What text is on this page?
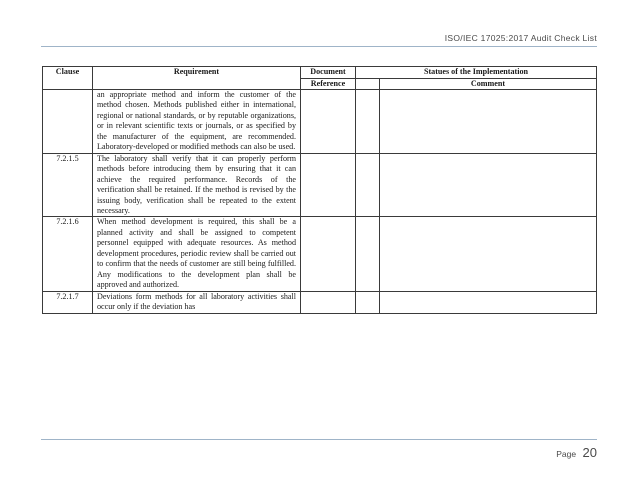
ISO/IEC 17025:2017 Audit Check List
Clause	Requirement	Document	Statues of the Implementation	
		Reference		Comment
	an appropriate method and inform the customer of the method chosen. Methods published either in international, regional or national standards, or by reputable organizations, or in relevant scientific texts or journals, or as specified by the manufacturer of the equipment, are recommended. Laboratory-developed or modified methods can also be used.			
7.2.1.5	The laboratory shall verify that it can properly perform methods before introducing them by ensuring that it can achieve the required performance. Records of the verification shall be retained. If the method is revised by the issuing body, verification shall be repeated to the extent necessary.			
7.2.1.6	When method development is required, this shall be a planned activity and shall be assigned to competent personnel equipped with adequate resources. As method development procedures, periodic review shall be carried out to confirm that the needs of customer are still being fulfilled. Any modifications to the development plan shall be approved and authorized.			
7.2.1.7	Deviations form methods for all laboratory activities shall occur only if the deviation has			
Page 20
